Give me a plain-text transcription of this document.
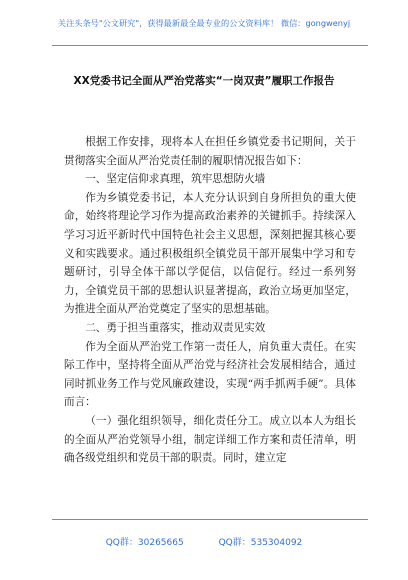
关注头条号"公文研究"，获得最新最全最专业的公文资料库！ 微信：gongwenyj
XX党委书记全面从严治党落实“一岗双责”履职工作报告

根据工作安排，现将本人在担任乡镇党委书记期间，关于贯彻落实全面从严治党责任制的履职情况报告如下：

一、坚定信仰求真理，筑牢思想防火墙

作为乡镇党委书记，本人充分认识到自身所担负的重大使命，始终将理论学习作为提高政治素养的关键抓手。持续深入学习习近平新时代中国特色社会主义思想，深刻把握其核心要义和实践要求。通过积极组织全镇党员干部开展集中学习和专题研讨，引导全体干部以学促信，以信促行。经过一系列努力，全镇党员干部的思想认识显著提高，政治立场更加坚定，为推进全面从严治党奠定了坚实的思想基础。

二、勇于担当重落实，推动双责见实效

作为全面从严治党工作第一责任人，肩负重大责任。在实际工作中，坚持将全面从严治党与经济社会发展相结合，通过同时抓业务工作与党风廉政建设，实现“两手抓两手硬”。具体而言：

（一）强化组织领导，细化责任分工。成立以本人为组长的全面从严治党领导小组，制定详细工作方案和责任清单，明确各级党组织和党员干部的职责。同时，建立定

QQ群：30265665	QQ群：535304092
